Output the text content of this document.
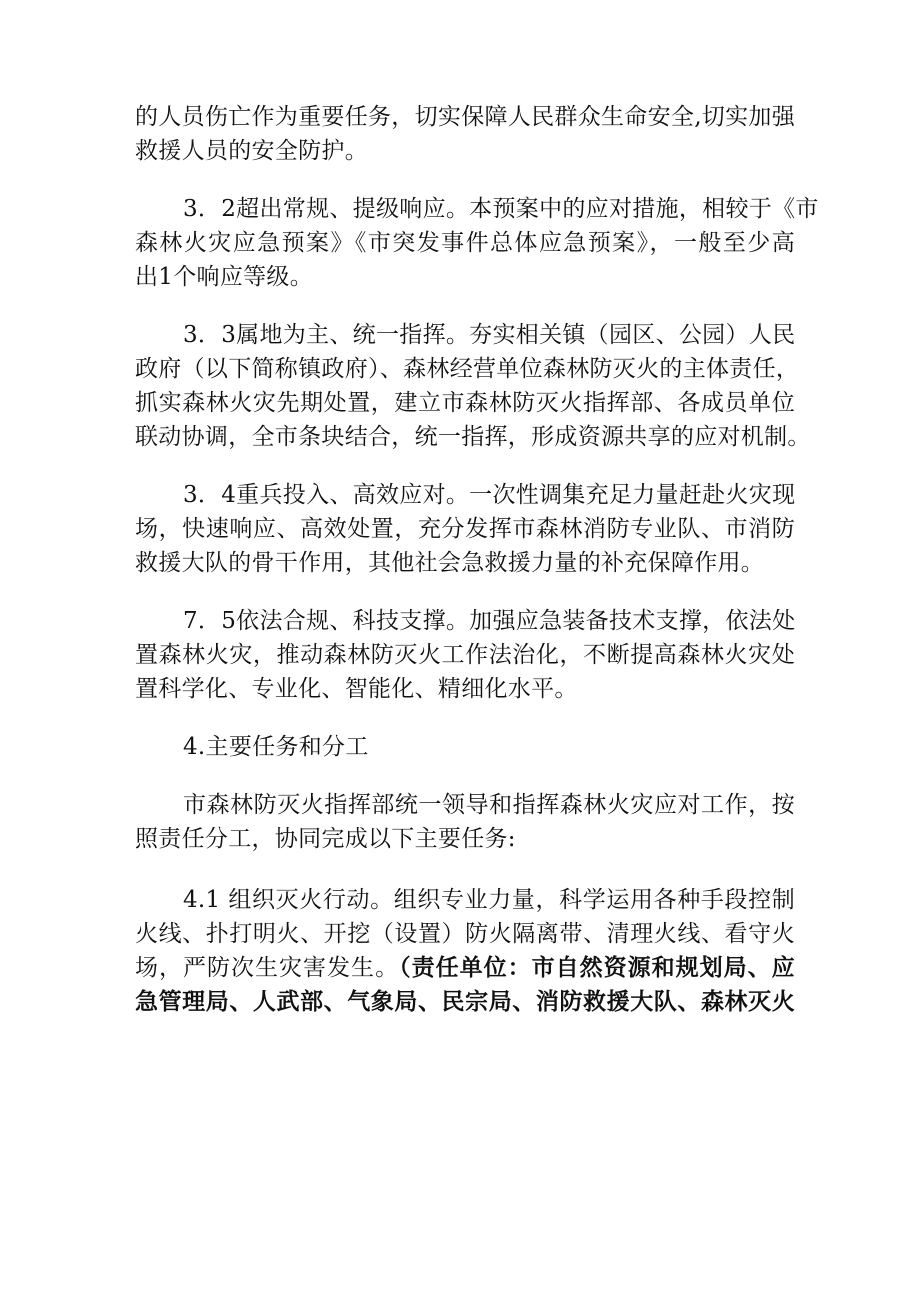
的人员伤亡作为重要任务，切实保障人民群众生命安全,切实加强
救援人员的安全防护。
3．2超出常规、提级响应。本预案中的应对措施，相较于《市
森林火灾应急预案》《市突发事件总体应急预案》，一般至少高
出1个响应等级。
3．3属地为主、统一指挥。夯实相关镇（园区、公园）人民
政府（以下简称镇政府）、森林经营单位森林防灭火的主体责任，
抓实森林火灾先期处置，建立市森林防灭火指挥部、各成员单位
联动协调，全市条块结合，统一指挥，形成资源共享的应对机制。
3．4重兵投入、高效应对。一次性调集充足力量赶赴火灾现
场，快速响应、高效处置，充分发挥市森林消防专业队、市消防
救援大队的骨干作用，其他社会急救援力量的补充保障作用。
7．5依法合规、科技支撑。加强应急装备技术支撑，依法处
置森林火灾，推动森林防灭火工作法治化，不断提高森林火灾处
置科学化、专业化、智能化、精细化水平。
4.主要任务和分工
市森林防灭火指挥部统一领导和指挥森林火灾应对工作，按
照责任分工，协同完成以下主要任务:
4.1 组织灭火行动。组织专业力量，科学运用各种手段控制
火线、扑打明火、开挖（设置）防火隔离带、清理火线、看守火
场，严防次生灾害发生。（责任单位：市自然资源和规划局、应
急管理局、人武部、气象局、民宗局、消防救援大队、森林灭火
